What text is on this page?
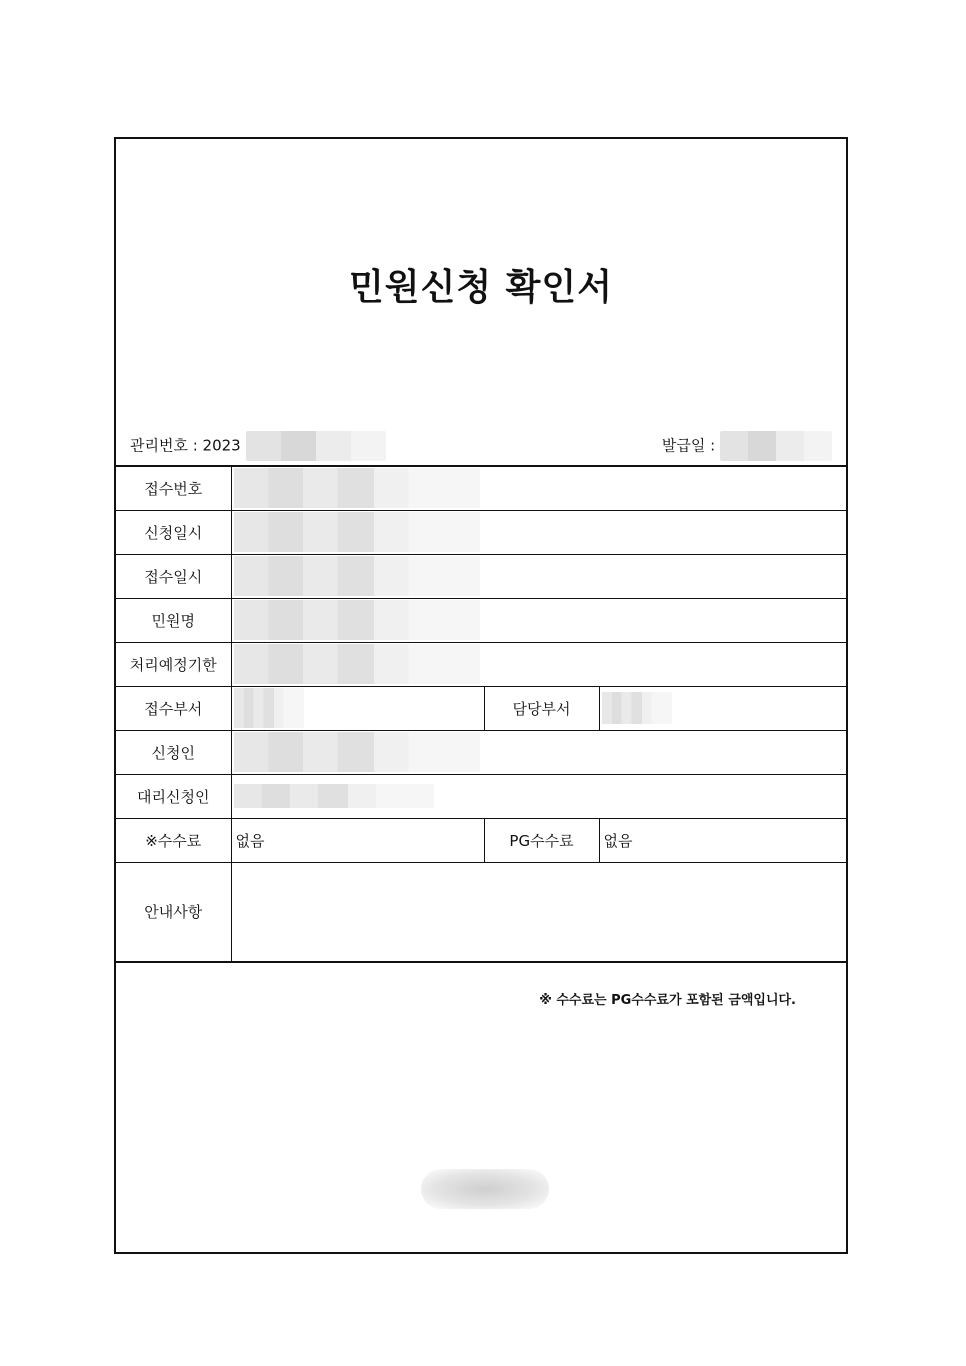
민원신청 확인서
관리번호 : 2023	발급일 :
접수번호			

신청일시			

접수일시			

민원명			

처리예정기한			

접수부서		담당부서	

신청인			

대리신청인			

※수수료	없음	PG수수료	없음
안내사항			
※ 수수료는 PG수수료가 포함된 금액입니다.
